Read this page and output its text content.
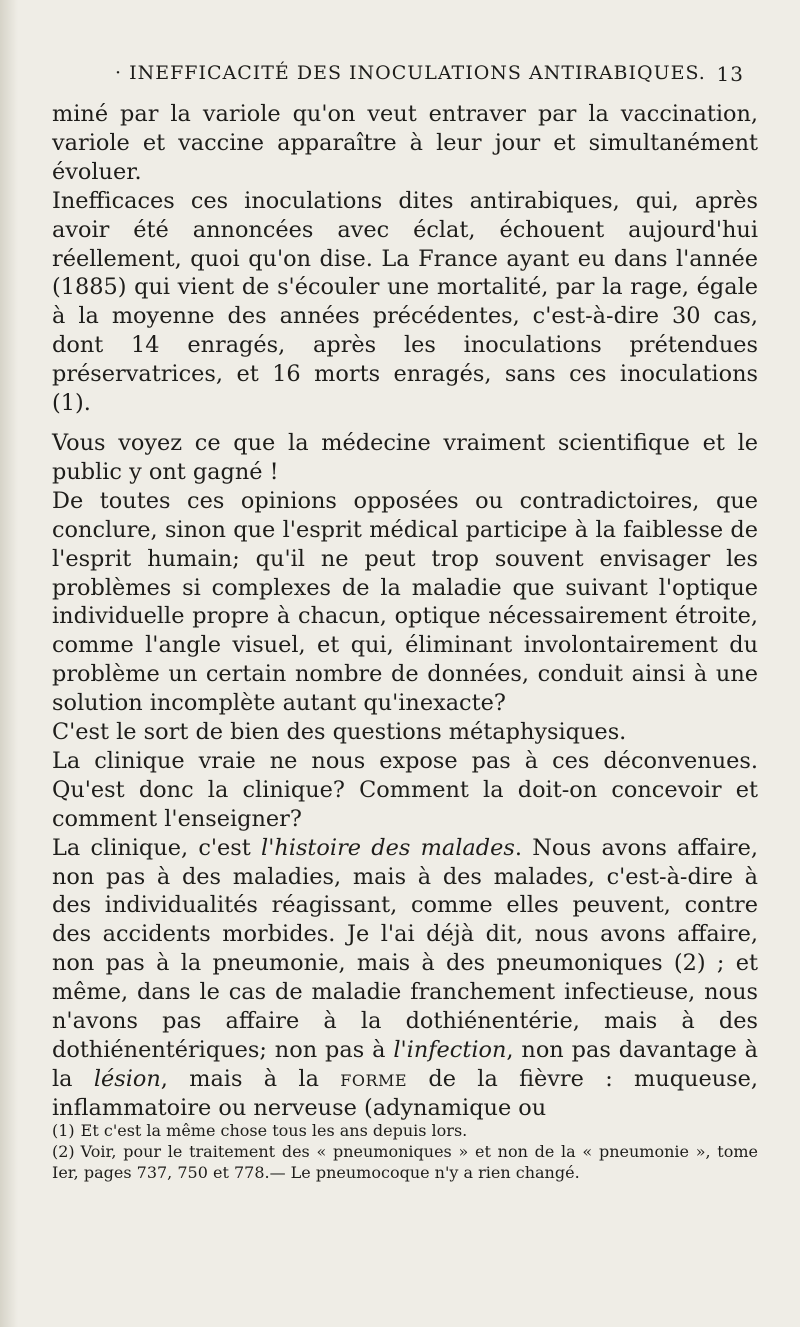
· INEFFICACITÉ DES INOCULATIONS ANTIRABIQUES. 13

miné par la variole qu'on veut entraver par la vaccination, variole et vaccine apparaître à leur jour et simultanément évoluer.

Inefficaces ces inoculations dites antirabiques, qui, après avoir été annoncées avec éclat, échouent aujourd'hui réellement, quoi qu'on dise. La France ayant eu dans l'année (1885) qui vient de s'écouler une mortalité, par la rage, égale à la moyenne des années précédentes, c'est-à-dire 30 cas, dont 14 enragés, après les inoculations prétendues préservatrices, et 16 morts enragés, sans ces inoculations (1).

Vous voyez ce que la médecine vraiment scientifique et le public y ont gagné !

De toutes ces opinions opposées ou contradictoires, que conclure, sinon que l'esprit médical participe à la faiblesse de l'esprit humain; qu'il ne peut trop souvent envisager les problèmes si complexes de la maladie que suivant l'optique individuelle propre à chacun, optique nécessairement étroite, comme l'angle visuel, et qui, éliminant involontairement du problème un certain nombre de données, conduit ainsi à une solution incomplète autant qu'inexacte?

C'est le sort de bien des questions métaphysiques.

La clinique vraie ne nous expose pas à ces déconvenues. Qu'est donc la clinique? Comment la doit-on concevoir et comment l'enseigner?

La clinique, c'est l'histoire des malades. Nous avons affaire, non pas à des maladies, mais à des malades, c'est-à-dire à des individualités réagissant, comme elles peuvent, contre des accidents morbides. Je l'ai déjà dit, nous avons affaire, non pas à la pneumonie, mais à des pneumoniques (2) ; et même, dans le cas de maladie franchement infectieuse, nous n'avons pas affaire à la dothiénentérie, mais à des dothiénentériques; non pas à l'infection, non pas davantage à la lésion, mais à la forme de la fièvre : muqueuse, inflammatoire ou nerveuse (adynamique ou

(1) Et c'est la même chose tous les ans depuis lors.

(2) Voir, pour le traitement des « pneumoniques » et non de la « pneumonie », tome Ier, pages 737, 750 et 778.— Le pneumocoque n'y a rien changé.
